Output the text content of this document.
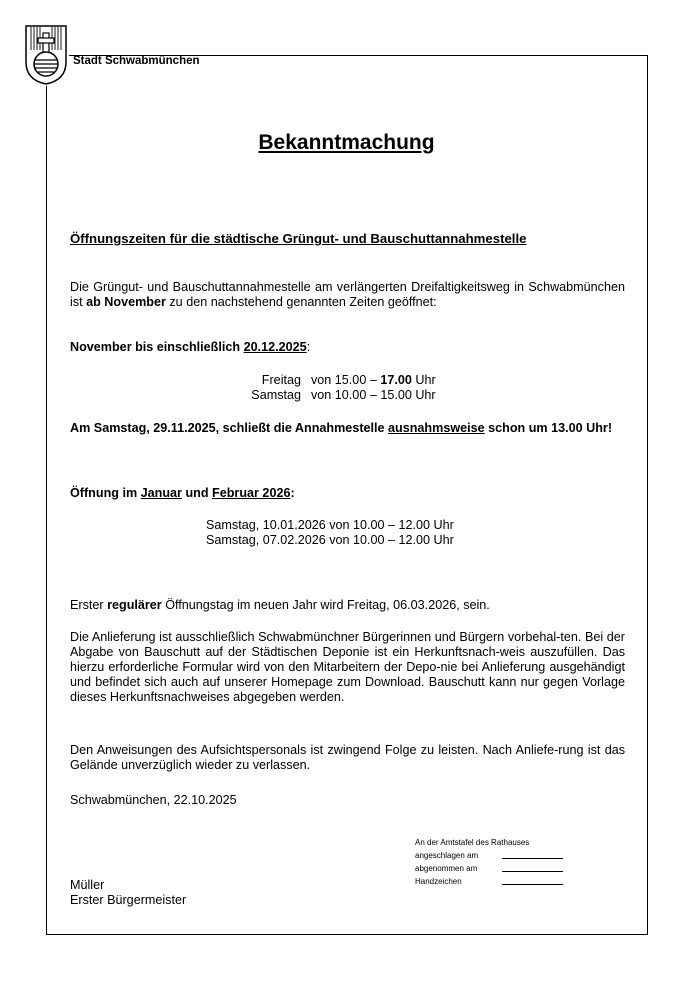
Stadt Schwabmünchen
Bekanntmachung
Öffnungszeiten für die städtische Grüngut- und Bauschuttannahmestelle
Die Grüngut- und Bauschuttannahmestelle am verlängerten Dreifaltigkeitsweg in Schwabmünchen ist ab November zu den nachstehend genannten Zeiten geöffnet:
November bis einschließlich 20.12.2025:
Freitag von 15.00 – 17.00 Uhr
Samstag von 10.00 – 15.00 Uhr
Am Samstag, 29.11.2025, schließt die Annahmestelle ausnahmsweise schon um 13.00 Uhr!
Öffnung im Januar und Februar 2026:
Samstag, 10.01.2026 von 10.00 – 12.00 Uhr
Samstag, 07.02.2026 von 10.00 – 12.00 Uhr
Erster regulärer Öffnungstag im neuen Jahr wird Freitag, 06.03.2026, sein.
Die Anlieferung ist ausschließlich Schwabmünchner Bürgerinnen und Bürgern vorbehal-ten. Bei der Abgabe von Bauschutt auf der Städtischen Deponie ist ein Herkunftsnach-weis auszufüllen. Das hierzu erforderliche Formular wird von den Mitarbeitern der Depo-nie bei Anlieferung ausgehändigt und befindet sich auch auf unserer Homepage zum Download. Bauschutt kann nur gegen Vorlage dieses Herkunftsnachweises abgegeben werden.
Den Anweisungen des Aufsichtspersonals ist zwingend Folge zu leisten. Nach Anliefe-rung ist das Gelände unverzüglich wieder zu verlassen.
Schwabmünchen, 22.10.2025
An der Amtstafel des Rathauses
angeschlagen am
abgenommen am
Handzeichen
Müller
Erster Bürgermeister
